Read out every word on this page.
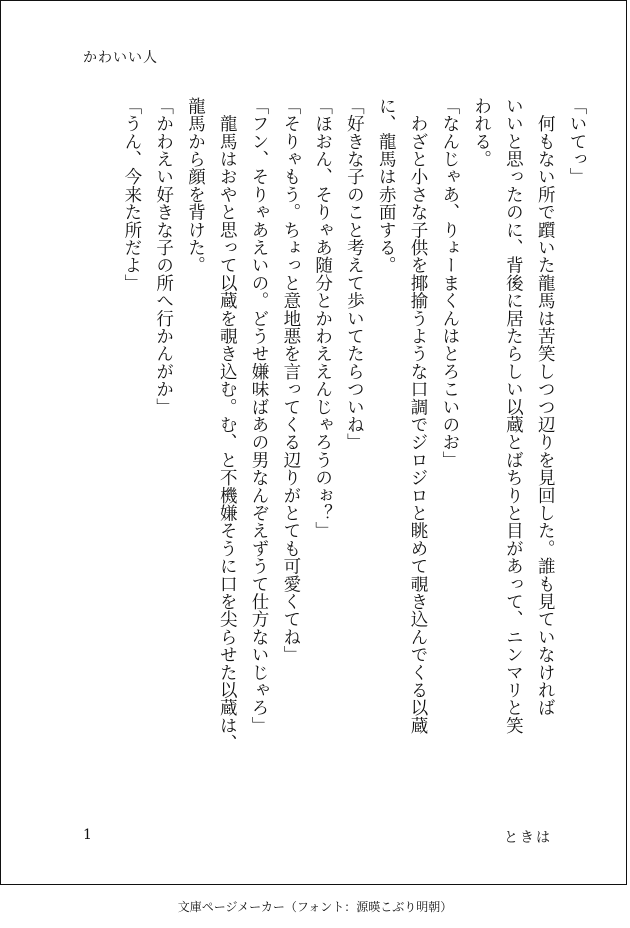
かわいい人

「いてっ」

　何もない所で躓いた龍馬は苦笑しつつ辺りを見回した。誰も見ていなければ

いいと思ったのに、背後に居たらしい以蔵とばちりと目があって、ニンマリと笑

われる。

「なんじゃあ、りょーまくんはとろこいのお」

　わざと小さな子供を揶揄うような口調でジロジロと眺めて覗き込んでくる以蔵

に、龍馬は赤面する。

「好きな子のこと考えて歩いてたらついね」

「ほおん、そりゃあ随分とかわええんじゃろうのぉ？」

「そりゃもう。ちょっと意地悪を言ってくる辺りがとても可愛くてね」

「フン、そりゃあえいの。どうせ嫌味ばあの男なんぞえずうて仕方ないじゃろ」

　龍馬はおやと思って以蔵を覗き込む。む、と不機嫌そうに口を尖らせた以蔵は、

龍馬から顔を背けた。

「かわえい好きな子の所へ行かんがか」

「うん、今来た所だよ」

1	ときは
文庫ページメーカー（フォント：源暎こぶり明朝）
